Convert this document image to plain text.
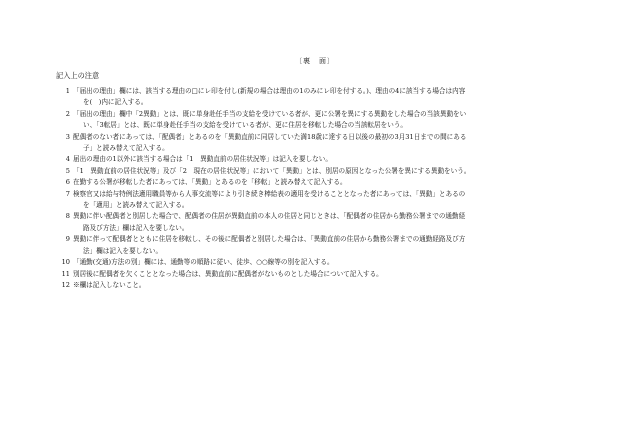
〔裏　面〕
記入上の注意
1 「届出の理由」欄には、該当する理由の□にレ印を付し(新規の場合は理由の1のみにレ印を付する。)、理由の4に該当する場合は内容
を(　)内に記入する。
2 「届出の理由」欄中「2異動」とは、既に単身赴任手当の支給を受けている者が、更に公署を異にする異動をした場合の当該異動をい
い、「3転居」とは、既に単身赴任手当の支給を受けている者が、更に住居を移転した場合の当該転居をいう。
3 配偶者のない者にあっては、「配偶者」とあるのを「異動直前に同居していた満18歳に達する日以後の最初の3月31日までの間にある
子」と読み替えて記入する。
4 届出の理由の1以外に該当する場合は「1　異動直前の居住状況等」は記入を要しない。
5 「1　異動直前の居住状況等」及び「2　現在の居住状況等」において「異動」とは、別居の原因となった公署を異にする異動をいう。
6 在勤する公署が移転した者にあっては、「異動」とあるのを「移転」と読み替えて記入する。
7 検察官又は給与特例法適用職員等から人事交流等により引き続き棒給表の適用を受けることとなった者にあっては、「異動」とあるの
を「適用」と読み替えて記入する。
8 異動に伴い配偶者と別居した場合で、配偶者の住居が異動直前の本人の住居と同じときは、「配偶者の住居から勤務公署までの通勤経
路及び方法」欄は記入を要しない。
9 異動に伴って配偶者とともに住居を移転し、その後に配偶者と別居した場合は、「異動直前の住居から勤務公署までの通勤経路及び方
法」欄は記入を要しない。
10 「通勤(交通)方法の別」欄には、通勤等の順路に従い、徒歩、○○線等の別を記入する。
11 別居後に配偶者を欠くこととなった場合は、異動直前に配偶者がないものとした場合について記入する。
12 ※欄は記入しないこと。
